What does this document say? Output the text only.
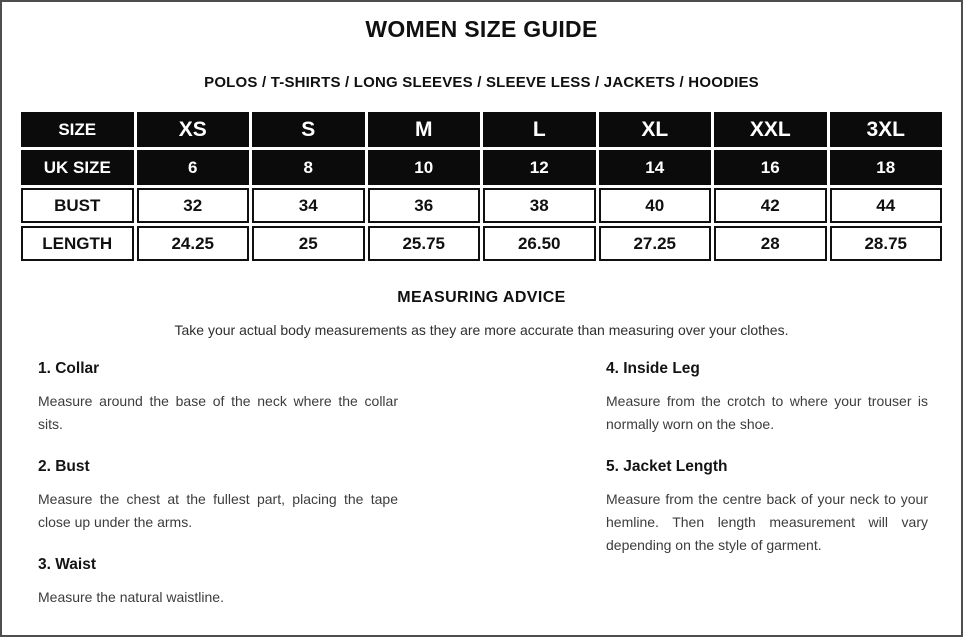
WOMEN SIZE GUIDE
POLOS / T-SHIRTS / LONG SLEEVES / SLEEVE LESS / JACKETS / HOODIES
SIZE	XS	S	M	L	XL	XXL	3XL
UK SIZE	6	8	10	12	14	16	18
BUST	32	34	36	38	40	42	44
LENGTH	24.25	25	25.75	26.50	27.25	28	28.75
MEASURING ADVICE
Take your actual body measurements as they are more accurate than measuring over your clothes.
1. Collar

Measure around the base of the neck where the collar sits.

2. Bust

Measure the chest at the fullest part, placing the tape close up under the arms.

3. Waist

Measure the natural waistline.

4. Inside Leg

Measure from the crotch to where your trouser is normally worn on the shoe.

5. Jacket Length

Measure from the centre back of your neck to your hemline. Then length measurement will vary depending on the style of garment.
